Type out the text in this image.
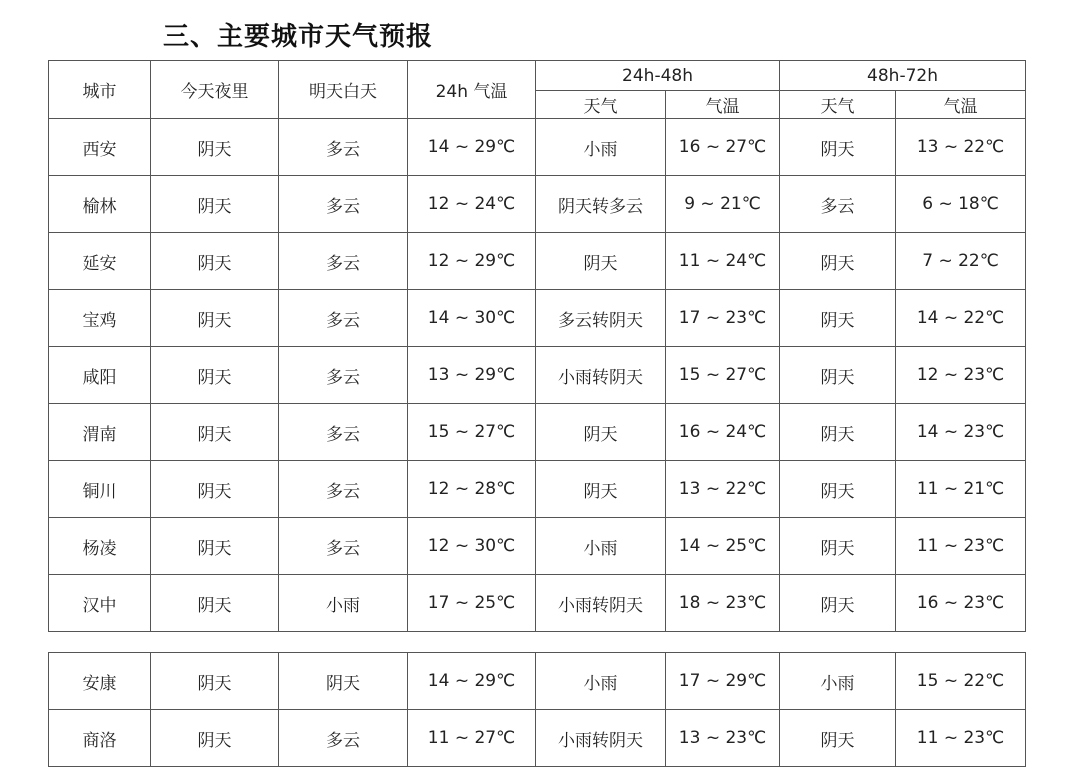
三、主要城市天气预报
城市	今天夜里	明天白天	24h 气温	24h-48h		48h-72h	
				天气	气温	天气	气温
西安	阴天	多云	14 ~ 29℃	小雨	16 ~ 27℃	阴天	13 ~ 22℃
榆林	阴天	多云	12 ~ 24℃	阴天转多云	9 ~ 21℃	多云	6 ~ 18℃
延安	阴天	多云	12 ~ 29℃	阴天	11 ~ 24℃	阴天	7 ~ 22℃
宝鸡	阴天	多云	14 ~ 30℃	多云转阴天	17 ~ 23℃	阴天	14 ~ 22℃
咸阳	阴天	多云	13 ~ 29℃	小雨转阴天	15 ~ 27℃	阴天	12 ~ 23℃
渭南	阴天	多云	15 ~ 27℃	阴天	16 ~ 24℃	阴天	14 ~ 23℃
铜川	阴天	多云	12 ~ 28℃	阴天	13 ~ 22℃	阴天	11 ~ 21℃
杨凌	阴天	多云	12 ~ 30℃	小雨	14 ~ 25℃	阴天	11 ~ 23℃
汉中	阴天	小雨	17 ~ 25℃	小雨转阴天	18 ~ 23℃	阴天	16 ~ 23℃
安康	阴天	阴天	14 ~ 29℃	小雨	17 ~ 29℃	小雨	15 ~ 22℃
商洛	阴天	多云	11 ~ 27℃	小雨转阴天	13 ~ 23℃	阴天	11 ~ 23℃
